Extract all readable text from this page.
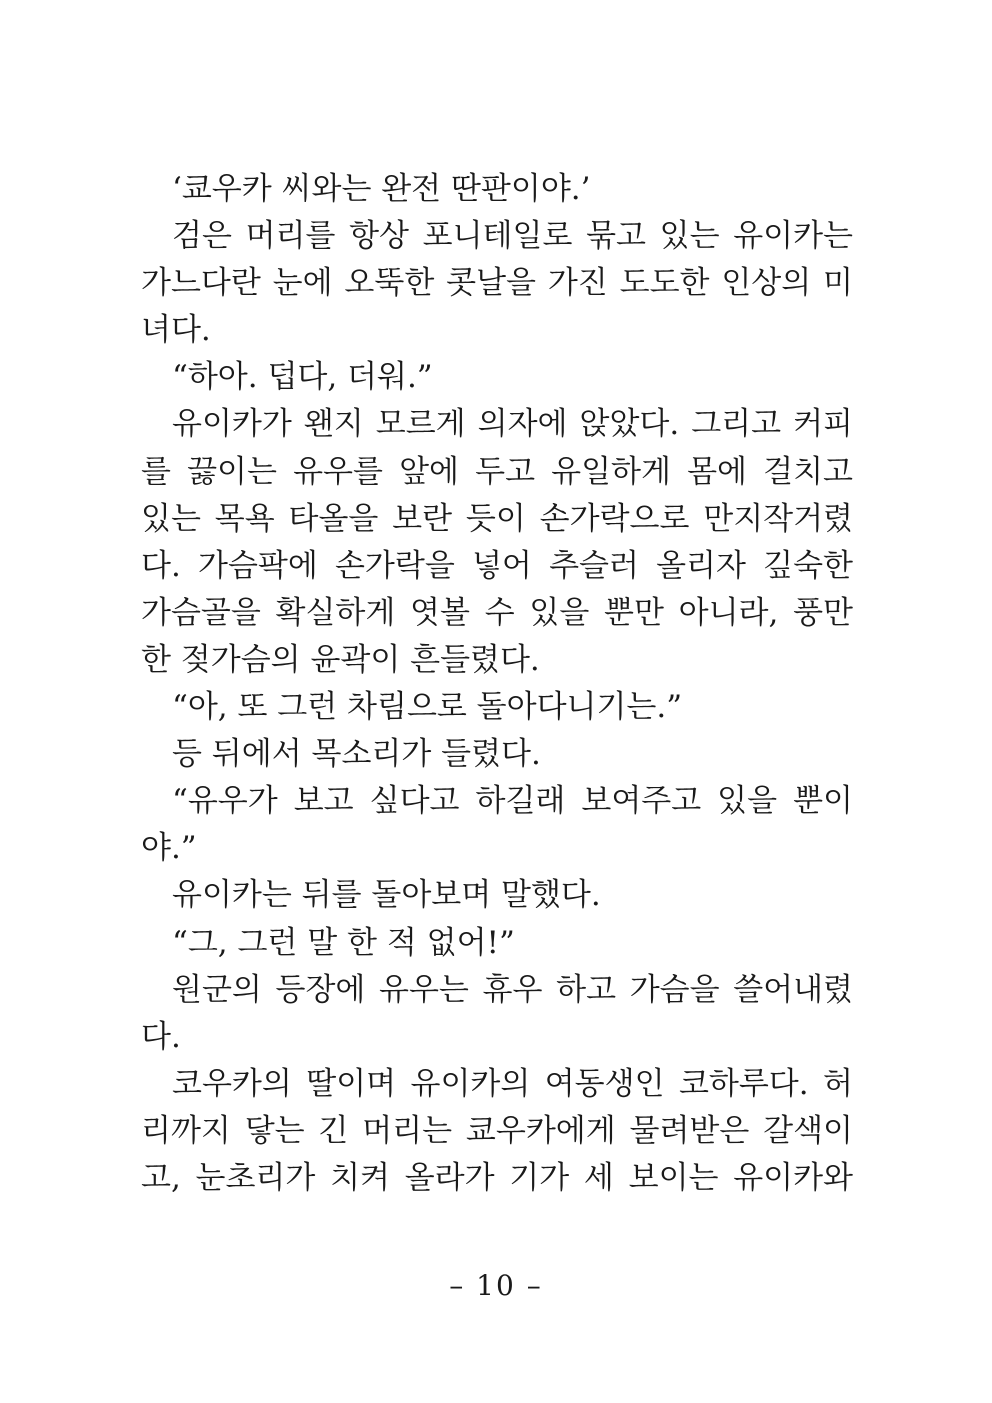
‘쿄우카 씨와는 완전 딴판이야.’
검은 머리를 항상 포니테일로 묶고 있는 유이카는
가느다란 눈에 오뚝한 콧날을 가진 도도한 인상의 미
녀다.
“하아. 덥다, 더워.”
유이카가 왠지 모르게 의자에 앉았다. 그리고 커피
를 끓이는 유우를 앞에 두고 유일하게 몸에 걸치고
있는 목욕 타올을 보란 듯이 손가락으로 만지작거렸
다. 가슴팍에 손가락을 넣어 추슬러 올리자 깊숙한
가슴골을 확실하게 엿볼 수 있을 뿐만 아니라, 풍만
한 젖가슴의 윤곽이 흔들렸다.
“아, 또 그런 차림으로 돌아다니기는.”
등 뒤에서 목소리가 들렸다.
“유우가 보고 싶다고 하길래 보여주고 있을 뿐이
야.”
유이카는 뒤를 돌아보며 말했다.
“그, 그런 말 한 적 없어!”
원군의 등장에 유우는 휴우 하고 가슴을 쓸어내렸
다.
코우카의 딸이며 유이카의 여동생인 코하루다. 허
리까지 닿는 긴 머리는 쿄우카에게 물려받은 갈색이
고, 눈초리가 치켜 올라가 기가 세 보이는 유이카와
– 10 –
